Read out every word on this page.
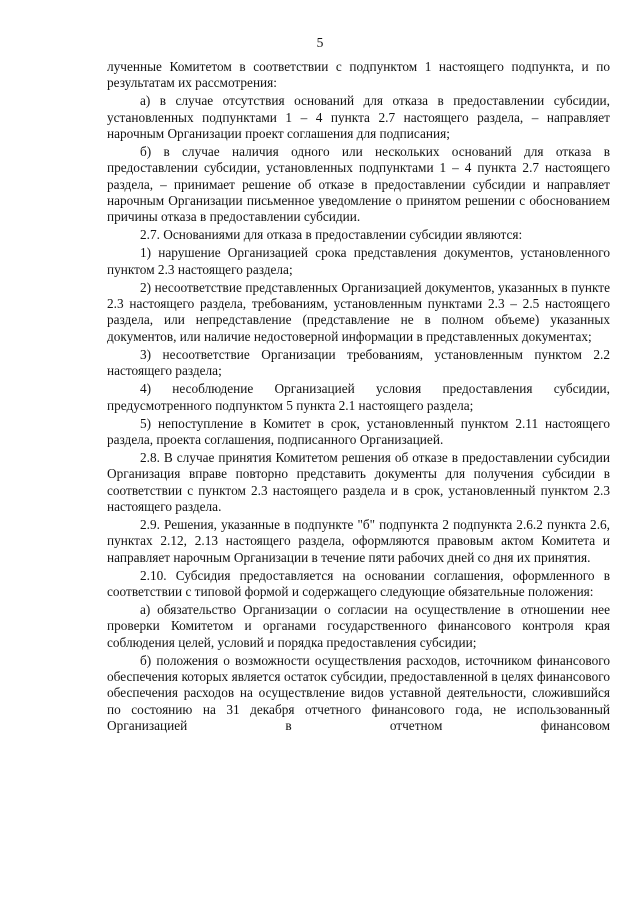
5

лученные Комитетом в соответствии с подпунктом 1 настоящего подпункта, и по результатам их рассмотрения:

а) в случае отсутствия оснований для отказа в предоставлении субсидии, установленных подпунктами 1 – 4 пункта 2.7 настоящего раздела, – направляет нарочным Организации проект соглашения для подписания;

б) в случае наличия одного или нескольких оснований для отказа в предоставлении субсидии, установленных подпунктами 1 – 4 пункта 2.7 настоящего раздела, – принимает решение об отказе в предоставлении субсидии и направляет нарочным Организации письменное уведомление о принятом решении с обоснованием причины отказа в предоставлении субсидии.

2.7. Основаниями для отказа в предоставлении субсидии являются:

1) нарушение Организацией срока представления документов, установленного пунктом 2.3 настоящего раздела;

2) несоответствие представленных Организацией документов, указанных в пункте 2.3 настоящего раздела, требованиям, установленным пунктами 2.3 – 2.5 настоящего раздела, или непредставление (представление не в полном объеме) указанных документов, или наличие недостоверной информации в представленных документах;

3) несоответствие Организации требованиям, установленным пунктом 2.2 настоящего раздела;

4) несоблюдение Организацией условия предоставления субсидии, предусмотренного подпунктом 5 пункта 2.1 настоящего раздела;

5) непоступление в Комитет в срок, установленный пунктом 2.11 настоящего раздела, проекта соглашения, подписанного Организацией.

2.8. В случае принятия Комитетом решения об отказе в предоставлении субсидии Организация вправе повторно представить документы для получения субсидии в соответствии с пунктом 2.3 настоящего раздела и в срок, установленный пунктом 2.3 настоящего раздела.

2.9. Решения, указанные в подпункте "б" подпункта 2 подпункта 2.6.2 пункта 2.6, пунктах 2.12, 2.13 настоящего раздела, оформляются правовым актом Комитета и направляет нарочным Организации в течение пяти рабочих дней со дня их принятия.

2.10. Субсидия предоставляется на основании соглашения, оформленного в соответствии с типовой формой и содержащего следующие обязательные положения:

а) обязательство Организации о согласии на осуществление в отношении нее проверки Комитетом и органами государственного финансового контроля края соблюдения целей, условий и порядка предоставления субсидии;

б) положения о возможности осуществления расходов, источником финансового обеспечения которых является остаток субсидии, предоставленной в целях финансового обеспечения расходов на осуществление видов уставной деятельности, сложившийся по состоянию на 31 декабря отчетного финансового года, не использованный Организацией в отчетном финансовом
